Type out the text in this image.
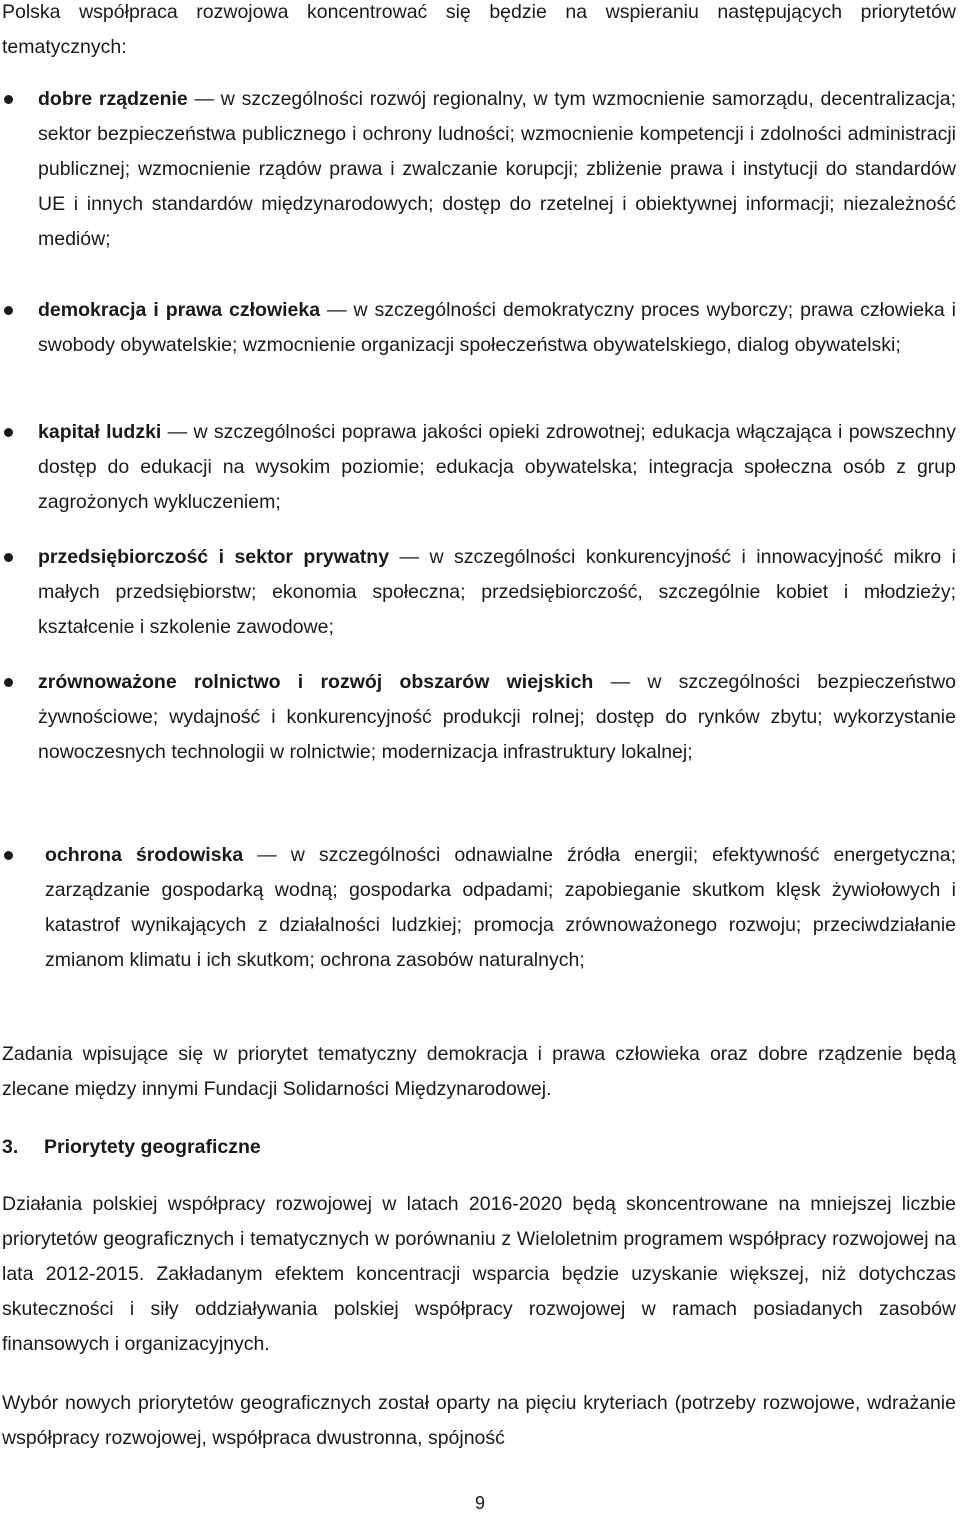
Polska współpraca rozwojowa koncentrować się będzie na wspieraniu następujących priorytetów tematycznych:

dobre rządzenie — w szczególności rozwój regionalny, w tym wzmocnienie samorządu, decentralizacja; sektor bezpieczeństwa publicznego i ochrony ludności; wzmocnienie kompetencji i zdolności administracji publicznej; wzmocnienie rządów prawa i zwalczanie korupcji; zbliżenie prawa i instytucji do standardów UE i innych standardów międzynarodowych; dostęp do rzetelnej i obiektywnej informacji; niezależność mediów;
demokracja i prawa człowieka — w szczególności demokratyczny proces wyborczy; prawa człowieka i swobody obywatelskie; wzmocnienie organizacji społeczeństwa obywatelskiego, dialog obywatelski;
kapitał ludzki — w szczególności poprawa jakości opieki zdrowotnej; edukacja włączająca i powszechny dostęp do edukacji na wysokim poziomie; edukacja obywatelska; integracja społeczna osób z grup zagrożonych wykluczeniem;
przedsiębiorczość i sektor prywatny — w szczególności konkurencyjność i innowacyjność mikro i małych przedsiębiorstw; ekonomia społeczna; przedsiębiorczość, szczególnie kobiet i młodzieży; kształcenie i szkolenie zawodowe;
zrównoważone rolnictwo i rozwój obszarów wiejskich — w szczególności bezpieczeństwo żywnościowe; wydajność i konkurencyjność produkcji rolnej; dostęp do rynków zbytu; wykorzystanie nowoczesnych technologii w rolnictwie; modernizacja infrastruktury lokalnej;
ochrona środowiska — w szczególności odnawialne źródła energii; efektywność energetyczna; zarządzanie gospodarką wodną; gospodarka odpadami; zapobieganie skutkom klęsk żywiołowych i katastrof wynikających z działalności ludzkiej; promocja zrównoważonego rozwoju; przeciwdziałanie zmianom klimatu i ich skutkom; ochrona zasobów naturalnych;

Zadania wpisujące się w priorytet tematyczny demokracja i prawa człowieka oraz dobre rządzenie będą zlecane między innymi Fundacji Solidarności Międzynarodowej.

3. Priorytety geograficzne

Działania polskiej współpracy rozwojowej w latach 2016-2020 będą skoncentrowane na mniejszej liczbie priorytetów geograficznych i tematycznych w porównaniu z Wieloletnim programem współpracy rozwojowej na lata 2012-2015. Zakładanym efektem koncentracji wsparcia będzie uzyskanie większej, niż dotychczas skuteczności i siły oddziaływania polskiej współpracy rozwojowej w ramach posiadanych zasobów finansowych i organizacyjnych.

Wybór nowych priorytetów geograficznych został oparty na pięciu kryteriach (potrzeby rozwojowe, wdrażanie współpracy rozwojowej, współpraca dwustronna, spójność

9
